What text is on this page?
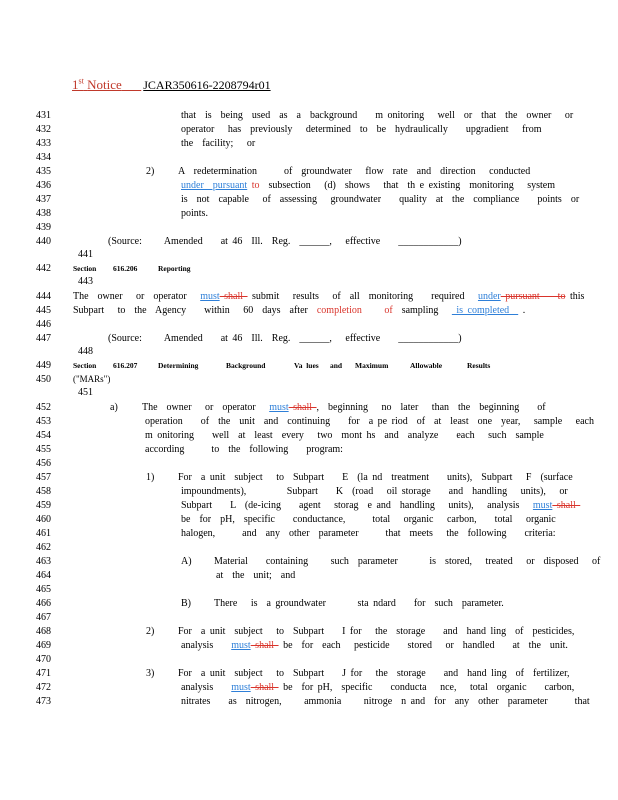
1st Notice JCAR350616-2208794r01
431
432
433
434
435
436
437
438
439
440
441
442
443
444
445
446
447
448
449
450
451
452
453
454
455
456
457
458
459
460
461
462
463
464
465
466
467
468
469
470
471
472
473
that  is  being  used  as  a  background    m onitoring   well  or  that  the  owner   or
operator   has  previously   determined  to  be  hydraulically    upgradient   from
the  facility;   or
2) A  redetermination      of  groundwater   flow  rate  and  direction   conducted
under  pursuant to  subsection   (d)  shows   that  th e existing  monitoring   system
is  not  capable   of  assessing   groundwater    quality  at  the  compliance    points  or
points.
(Source:     Amended    at 46  Ill.  Reg.  ______,   effective    ____________)
Section 616.206	Reporting
The  owner   or  operator   must shall  submit   results   of  all  monitoring    required   under pursuant    to this
Subpart   to  the  Agency    within   60  days  after  completion     of  sampling    is completed   .
(Source:     Amended    at 46  Ill.  Reg.  ______,   effective    ____________)
Section 616.207	Determining	Background	Va  lues and Maximum	Allowable	Results
("MARs")
a) The  owner   or  operator   must shall ,  beginning   no  later   than  the  beginning    of
operation    of  the  unit  and  continuing    for  a pe riod  of  at  least  one  year,   sample   each
m onitoring    well  at  least  every   two  mont hs  and  analyze    each   such  sample
according      to  the  following    program:
1) For  a unit  subject   to  Subpart    E  (la nd  treatment    units),  Subpart   F  (surface
impoundments),         Subpart    K  (road   oil storage    and  handling   units),   or
Subpart    L  (de-icing    agent   storag  e and  handling   units),   analysis   must shall
be  for  pH,  specific    conductance,      total   organic   carbon,    total   organic
halogen,      and  any  other  parameter      that  meets   the  following    criteria:
A) Material    containing     such  parameter       is  stored,   treated   or  disposed   of
at  the  unit;  and
B) There   is  a groundwater       sta ndard    for  such  parameter.
2) For  a unit  subject   to  Subpart    I for   the  storage    and  hand ling  of  pesticides,
analysis    must shall  be  for  each   pesticide    stored   or  handled    at  the  unit.
3) For  a unit  subject   to  Subpart    J for   the  storage    and  hand ling  of  fertilizer,
analysis    must shall  be  for pH,  specific    conducta   nce,   total  organic    carbon,
nitrates    as  nitrogen,     ammonia     nitroge  n and  for  any  other  parameter      that
